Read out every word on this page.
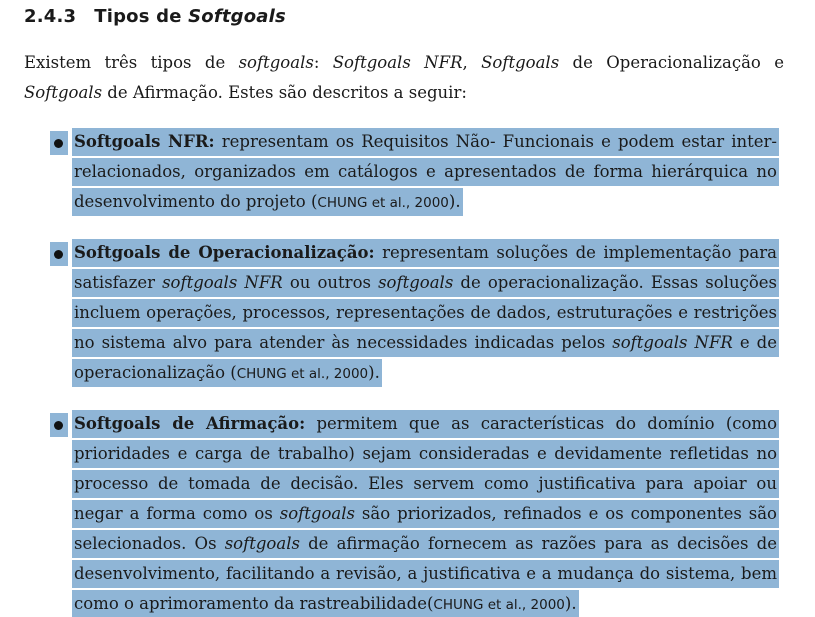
2.4.3 Tipos de Softgoals
Existem três tipos de softgoals: Softgoals NFR, Softgoals de Operacionalização e Softgoals de Afirmação. Estes são descritos a seguir:
Softgoals NFR: representam os Requisitos Não- Funcionais e podem estar inter-relacionados, organizados em catálogos e apresentados de forma hierárquica no desenvolvimento do projeto (CHUNG et al., 2000).
Softgoals de Operacionalização: representam soluções de implementação para satisfazer softgoals NFR ou outros softgoals de operacionalização. Essas soluções incluem operações, processos, representações de dados, estruturações e restrições no sistema alvo para atender às necessidades indicadas pelos softgoals NFR e de operacionalização (CHUNG et al., 2000).
Softgoals de Afirmação: permitem que as características do domínio (como prioridades e carga de trabalho) sejam consideradas e devidamente refletidas no processo de tomada de decisão. Eles servem como justificativa para apoiar ou negar a forma como os softgoals são priorizados, refinados e os componentes são selecionados. Os softgoals de afirmação fornecem as razões para as decisões de desenvolvimento, facilitando a revisão, a justificativa e a mudança do sistema, bem como o aprimoramento da rastreabilidade(CHUNG et al., 2000).
